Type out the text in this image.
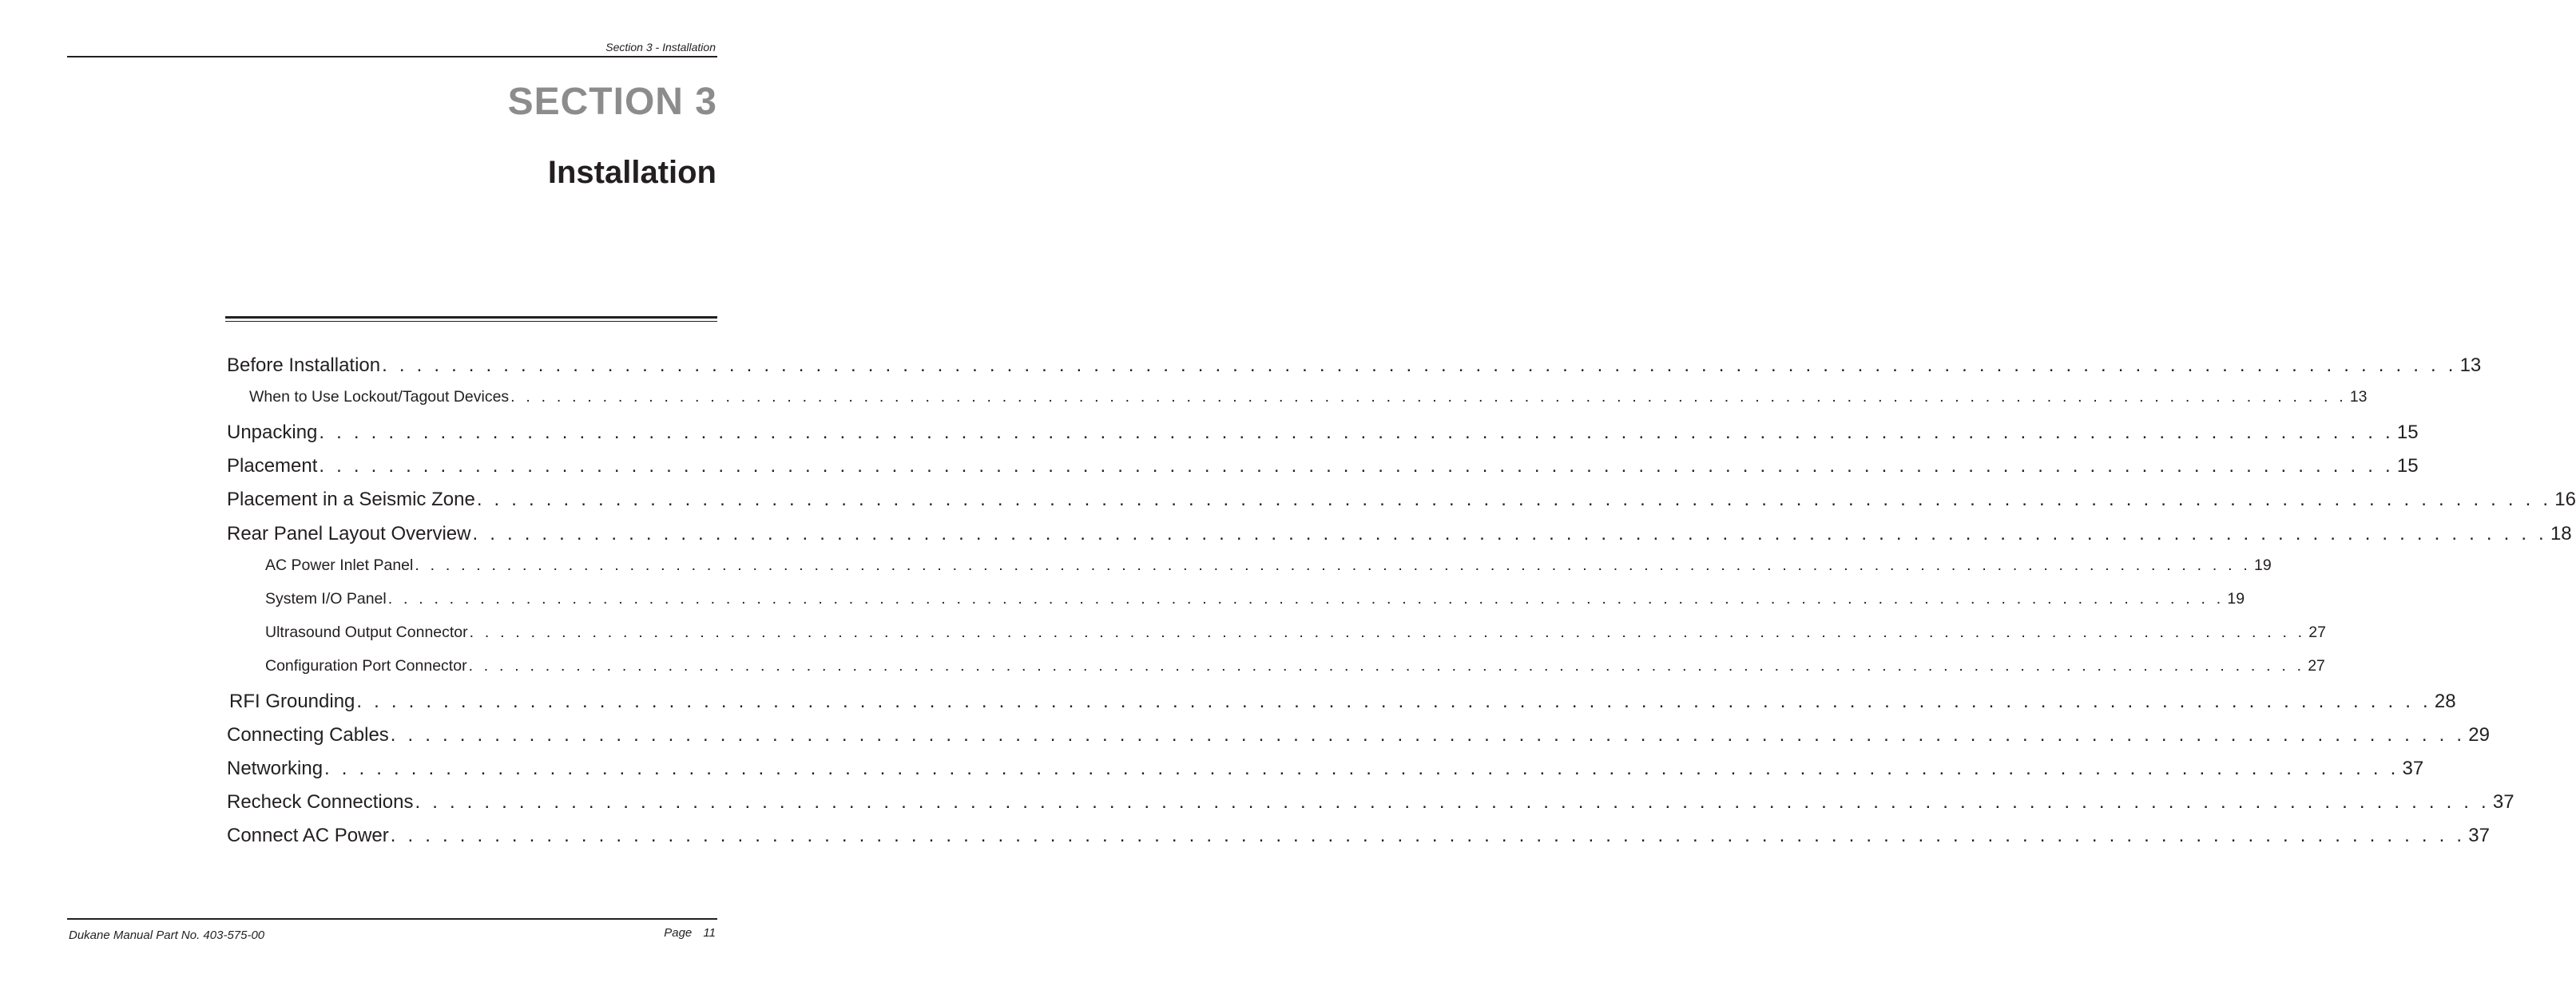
Section 3 - Installation
SECTION 3
Installation
Before Installation . . . . . . . . . . . . . . . . . . . . . . . . . . . . . . . . . . . . . . . . . . . . . . . . . . . . . . . . . . . . . . . . . . . . . . . . . . . . . . . . . . . . . . . . . . . . . . . . . . . . . . . . . . . . . . . . . . . . . . . . 13
When to Use Lockout/Tagout Devices . . . . . . . . . . . . . . . . . . . . . . . . . . . . . . . . . . . . . . . . . . . . . . . . . . . . . . . . . . . . . . . . . . . . . . . . . . . . . . . . . . . . . . . . . . . . . . . . . . . . . . . . . . . . . . . . . . . . . . . . 13
Unpacking . . . . . . . . . . . . . . . . . . . . . . . . . . . . . . . . . . . . . . . . . . . . . . . . . . . . . . . . . . . . . . . . . . . . . . . . . . . . . . . . . . . . . . . . . . . . . . . . . . . . . . . . . . . . . . . . . . . . . . . . 15
Placement . . . . . . . . . . . . . . . . . . . . . . . . . . . . . . . . . . . . . . . . . . . . . . . . . . . . . . . . . . . . . . . . . . . . . . . . . . . . . . . . . . . . . . . . . . . . . . . . . . . . . . . . . . . . . . . . . . . . . . . . 15
Placement in a Seismic Zone . . . . . . . . . . . . . . . . . . . . . . . . . . . . . . . . . . . . . . . . . . . . . . . . . . . . . . . . . . . . . . . . . . . . . . . . . . . . . . . . . . . . . . . . . . . . . . . . . . . . . . . . . . . . . . . . . . . . . . . . 16
Rear Panel Layout Overview . . . . . . . . . . . . . . . . . . . . . . . . . . . . . . . . . . . . . . . . . . . . . . . . . . . . . . . . . . . . . . . . . . . . . . . . . . . . . . . . . . . . . . . . . . . . . . . . . . . . . . . . . . . . . . . . . . . . . . . . 18
AC Power Inlet Panel . . . . . . . . . . . . . . . . . . . . . . . . . . . . . . . . . . . . . . . . . . . . . . . . . . . . . . . . . . . . . . . . . . . . . . . . . . . . . . . . . . . . . . . . . . . . . . . . . . . . . . . . . . . . . . . . . . . . . . . . 19
System I/O Panel . . . . . . . . . . . . . . . . . . . . . . . . . . . . . . . . . . . . . . . . . . . . . . . . . . . . . . . . . . . . . . . . . . . . . . . . . . . . . . . . . . . . . . . . . . . . . . . . . . . . . . . . . . . . . . . . . . . . . . . . 19
Ultrasound Output Connector . . . . . . . . . . . . . . . . . . . . . . . . . . . . . . . . . . . . . . . . . . . . . . . . . . . . . . . . . . . . . . . . . . . . . . . . . . . . . . . . . . . . . . . . . . . . . . . . . . . . . . . . . . . . . . . . . . . . . . . . 27
Configuration Port Connector . . . . . . . . . . . . . . . . . . . . . . . . . . . . . . . . . . . . . . . . . . . . . . . . . . . . . . . . . . . . . . . . . . . . . . . . . . . . . . . . . . . . . . . . . . . . . . . . . . . . . . . . . . . . . . . . . . . . . . . . 27
RFI Grounding . . . . . . . . . . . . . . . . . . . . . . . . . . . . . . . . . . . . . . . . . . . . . . . . . . . . . . . . . . . . . . . . . . . . . . . . . . . . . . . . . . . . . . . . . . . . . . . . . . . . . . . . . . . . . . . . . . . . . . . . 28
Connecting Cables . . . . . . . . . . . . . . . . . . . . . . . . . . . . . . . . . . . . . . . . . . . . . . . . . . . . . . . . . . . . . . . . . . . . . . . . . . . . . . . . . . . . . . . . . . . . . . . . . . . . . . . . . . . . . . . . . . . . . . . . 29
Networking . . . . . . . . . . . . . . . . . . . . . . . . . . . . . . . . . . . . . . . . . . . . . . . . . . . . . . . . . . . . . . . . . . . . . . . . . . . . . . . . . . . . . . . . . . . . . . . . . . . . . . . . . . . . . . . . . . . . . . . . 37
Recheck Connections . . . . . . . . . . . . . . . . . . . . . . . . . . . . . . . . . . . . . . . . . . . . . . . . . . . . . . . . . . . . . . . . . . . . . . . . . . . . . . . . . . . . . . . . . . . . . . . . . . . . . . . . . . . . . . . . . . . . . . . . 37
Connect AC Power . . . . . . . . . . . . . . . . . . . . . . . . . . . . . . . . . . . . . . . . . . . . . . . . . . . . . . . . . . . . . . . . . . . . . . . . . . . . . . . . . . . . . . . . . . . . . . . . . . . . . . . . . . . . . . . . . . . . . . . . 37
Dukane Manual Part No. 403-575-00	Page 11
